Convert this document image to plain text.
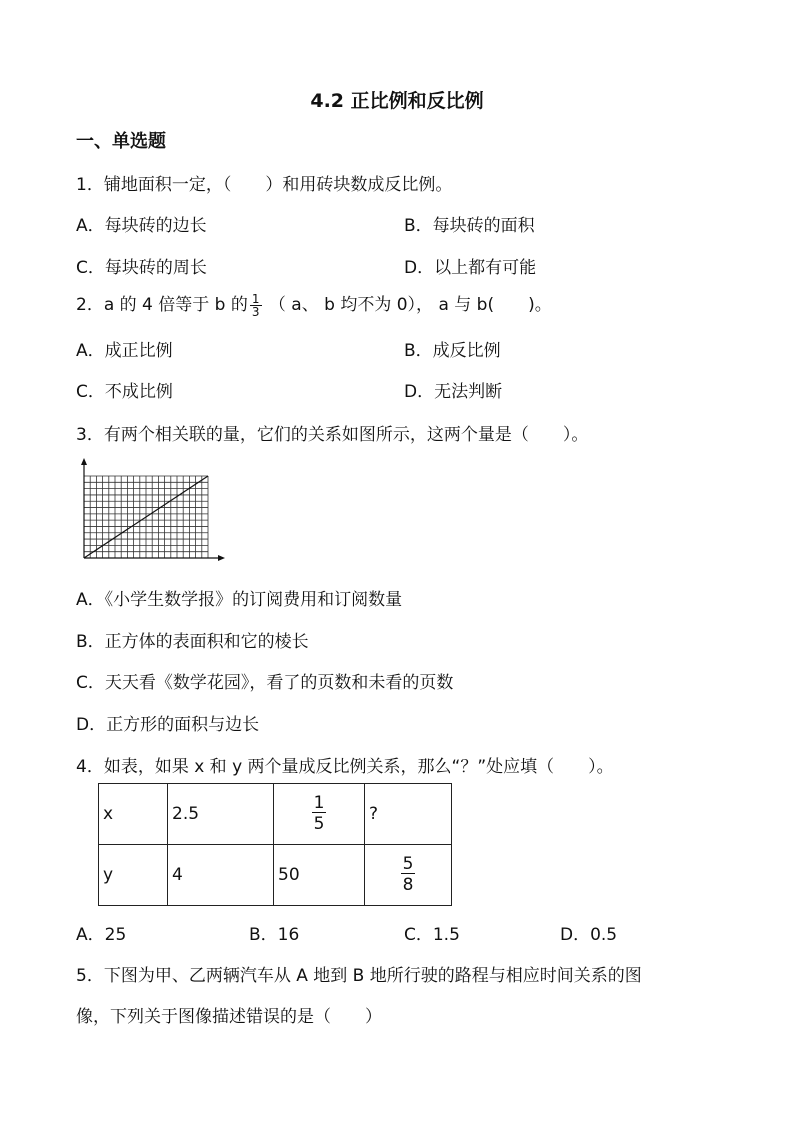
4.2 正比例和反比例
一、单选题
1．铺地面积一定，（　　）和用砖块数成反比例。
A．每块砖的边长	B．每块砖的面积
C．每块砖的周长	D．以上都有可能
2．a 的 4 倍等于 b 的 $\frac{1}{3}$ （ a、 b 均不为 0）， a 与 b(　　)。
A．成正比例	B．成反比例
C．不成比例	D．无法判断
3．有两个相关联的量，它们的关系如图所示，这两个量是（　　）。
A．《小学生数学报》的订阅费用和订阅数量
B．正方体的表面积和它的棱长
C．天天看《数学花园》，看了的页数和未看的页数
D．正方形的面积与边长
4．如表，如果 x 和 y 两个量成反比例关系，那么“？”处应填（　　）。
x	2.5	$\frac{1}{5}$	?
y	4	50	$\frac{5}{8}$
A．25	B．16	C．1.5	D．0.5
5．下图为甲、乙两辆汽车从 A 地到 B 地所行驶的路程与相应时间关系的图
像，下列关于图像描述错误的是（　　）
